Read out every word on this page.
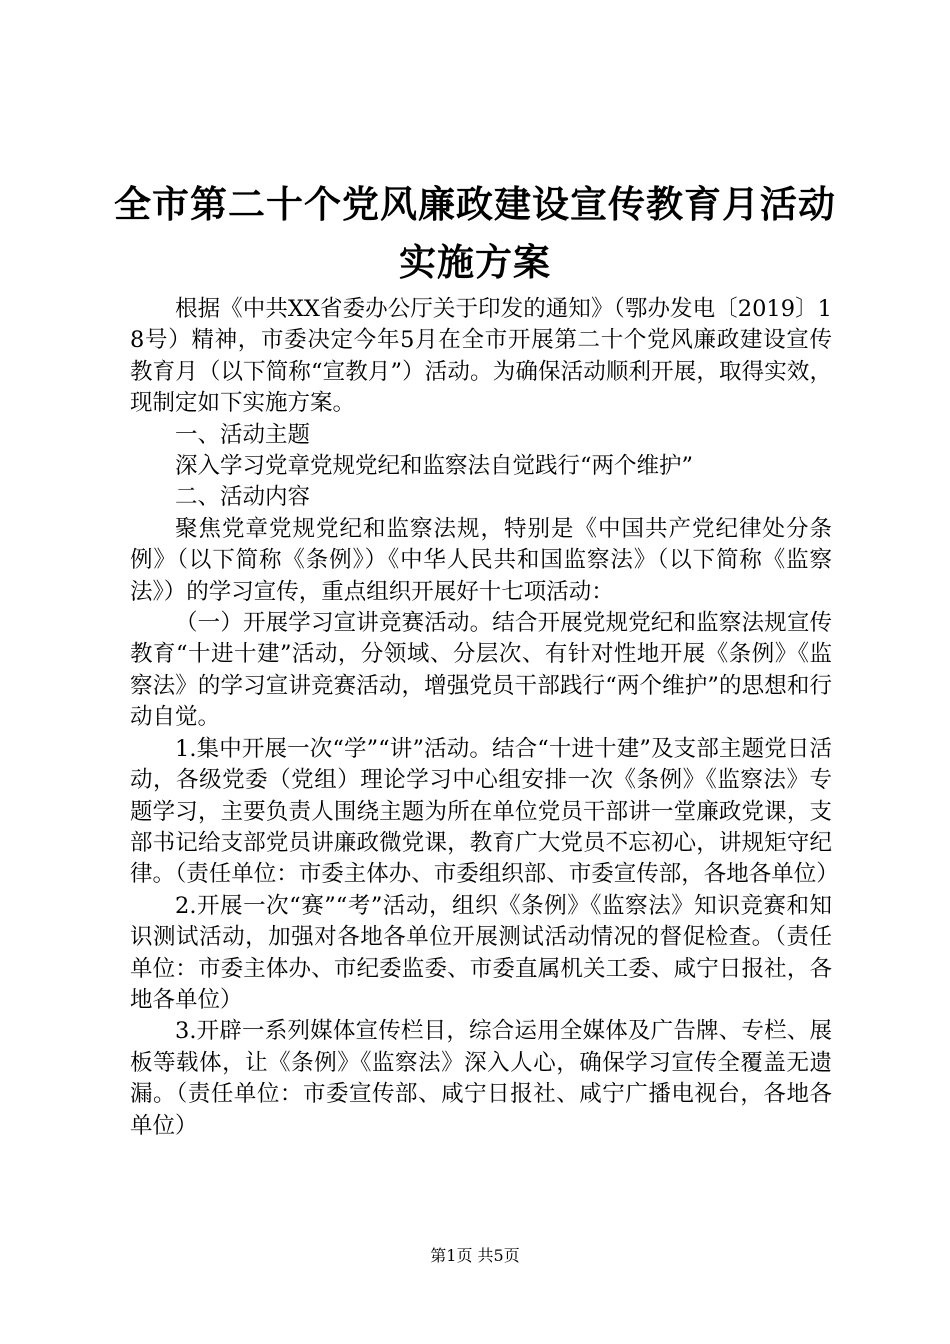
全市第二十个党风廉政建设宣传教育月活动实施方案

根据《中共XX省委办公厅关于印发的通知》（鄂办发电〔2019〕18号）精神，市委决定今年5月在全市开展第二十个党风廉政建设宣传教育月（以下简称“宣教月”）活动。为确保活动顺利开展，取得实效，现制定如下实施方案。

一、活动主题

深入学习党章党规党纪和监察法自觉践行“两个维护”

二、活动内容

聚焦党章党规党纪和监察法规，特别是《中国共产党纪律处分条例》（以下简称《条例》）《中华人民共和国监察法》（以下简称《监察法》）的学习宣传，重点组织开展好十七项活动：

（一）开展学习宣讲竞赛活动。结合开展党规党纪和监察法规宣传教育“十进十建”活动，分领域、分层次、有针对性地开展《条例》《监察法》的学习宣讲竞赛活动，增强党员干部践行“两个维护”的思想和行动自觉。

1.集中开展一次“学”“讲”活动。结合“十进十建”及支部主题党日活动，各级党委（党组）理论学习中心组安排一次《条例》《监察法》专题学习，主要负责人围绕主题为所在单位党员干部讲一堂廉政党课，支部书记给支部党员讲廉政微党课，教育广大党员不忘初心，讲规矩守纪律。（责任单位：市委主体办、市委组织部、市委宣传部，各地各单位）

2.开展一次“赛”“考”活动，组织《条例》《监察法》知识竞赛和知识测试活动，加强对各地各单位开展测试活动情况的督促检查。（责任单位：市委主体办、市纪委监委、市委直属机关工委、咸宁日报社，各地各单位）

3.开辟一系列媒体宣传栏目，综合运用全媒体及广告牌、专栏、展板等载体，让《条例》《监察法》深入人心，确保学习宣传全覆盖无遗漏。（责任单位：市委宣传部、咸宁日报社、咸宁广播电视台，各地各单位）

第1页 共5页
